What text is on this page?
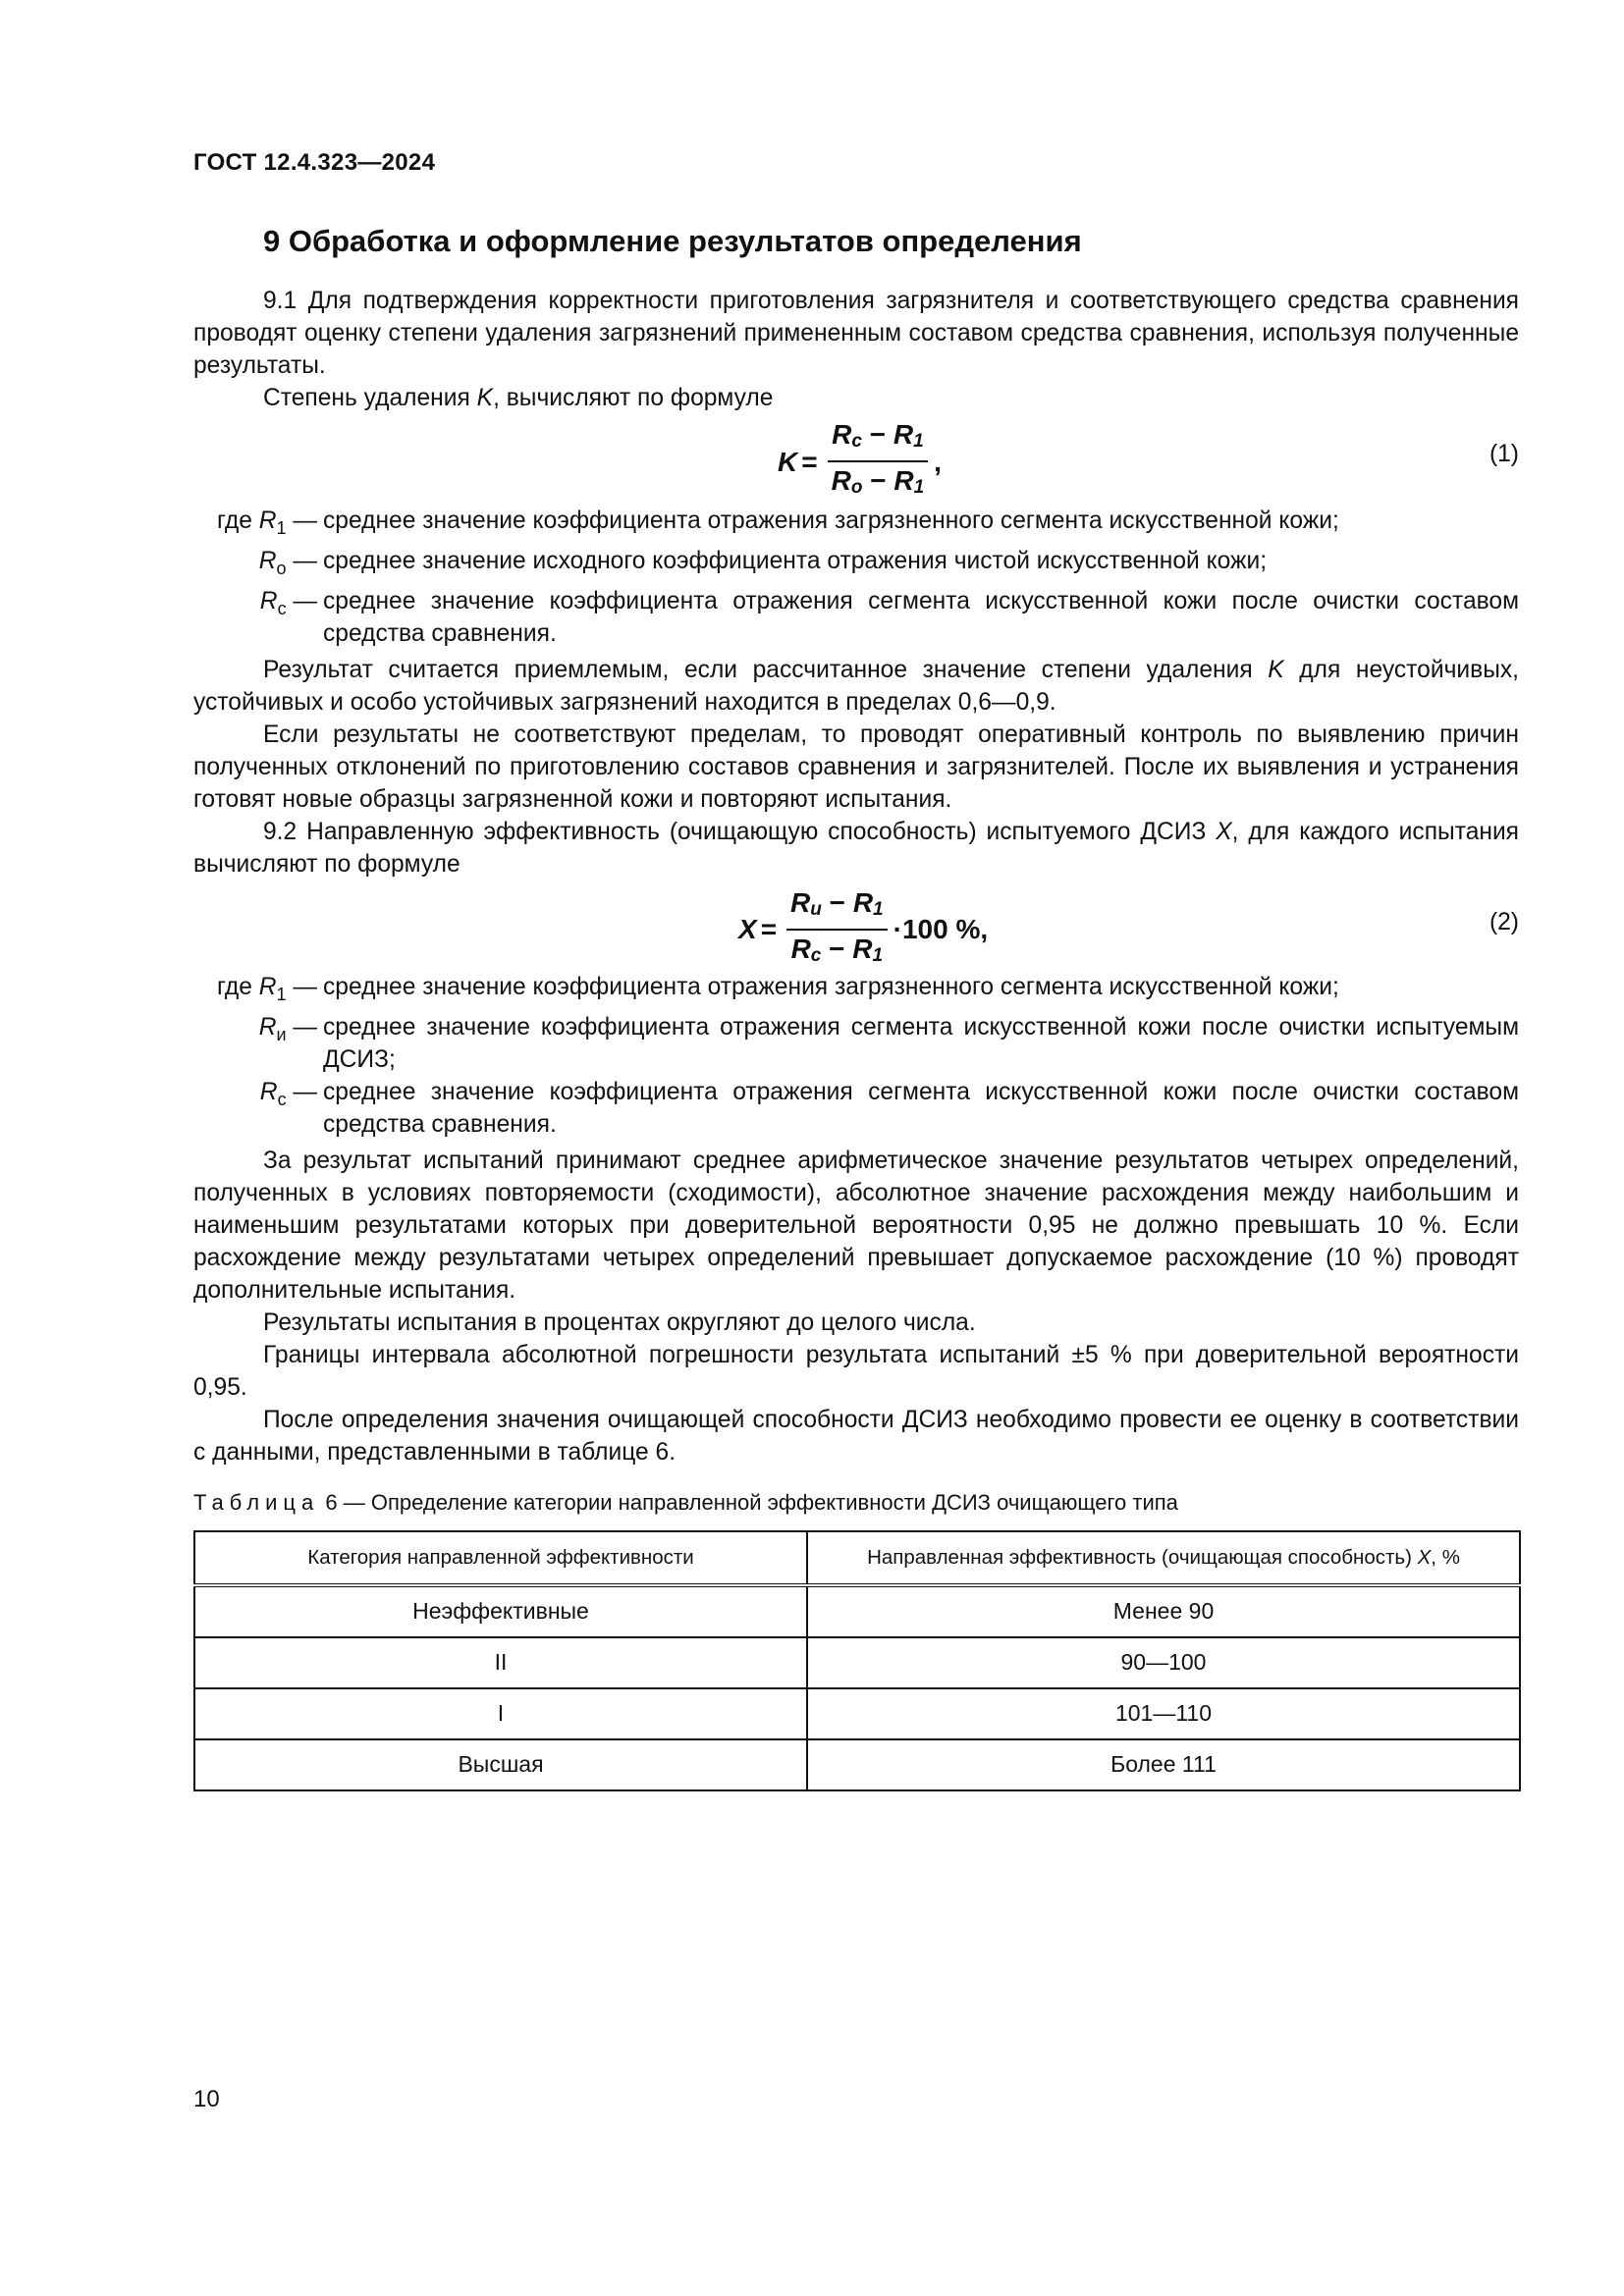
ГОСТ 12.4.323—2024
9 Обработка и оформление результатов определения

9.1 Для подтверждения корректности приготовления загрязнителя и соответствующего средства сравнения проводят оценку степени удаления загрязнений примененным составом средства сравнения, используя полученные результаты.

Степень удаления K, вычисляют по формуле

$K = \frac{R_с - R_1}{R_о - R_1}$ ,	(1)
где $R_1$ — среднее значение коэффициента отражения загрязненного сегмента искусственной кожи;
$R_о$ — среднее значение исходного коэффициента отражения чистой искусственной кожи;
$R_с$ — среднее значение коэффициента отражения сегмента искусственной кожи после очистки составом средства сравнения.

Результат считается приемлемым, если рассчитанное значение степени удаления K для неустойчивых, устойчивых и особо устойчивых загрязнений находится в пределах 0,6—0,9.

Если результаты не соответствуют пределам, то проводят оперативный контроль по выявлению причин полученных отклонений по приготовлению составов сравнения и загрязнителей. После их выявления и устранения готовят новые образцы загрязненной кожи и повторяют испытания.

9.2 Направленную эффективность (очищающую способность) испытуемого ДСИЗ X, для каждого испытания вычисляют по формуле

$X = \frac{R_и - R_1}{R_с - R_1} \cdot 100$ %,	(2)
где $R_1$ — среднее значение коэффициента отражения загрязненного сегмента искусственной кожи;
$R_и$ — среднее значение коэффициента отражения сегмента искусственной кожи после очистки испытуемым ДСИЗ;
$R_с$ — среднее значение коэффициента отражения сегмента искусственной кожи после очистки составом средства сравнения.

За результат испытаний принимают среднее арифметическое значение результатов четырех определений, полученных в условиях повторяемости (сходимости), абсолютное значение расхождения между наибольшим и наименьшим результатами которых при доверительной вероятности 0,95 не должно превышать 10 %. Если расхождение между результатами четырех определений превышает допускаемое расхождение (10 %) проводят дополнительные испытания.

Результаты испытания в процентах округляют до целого числа.

Границы интервала абсолютной погрешности результата испытаний ±5 % при доверительной вероятности 0,95.

После определения значения очищающей способности ДСИЗ необходимо провести ее оценку в соответствии с данными, представленными в таблице 6.

Таблица 6 — Определение категории направленной эффективности ДСИЗ очищающего типа
Категория направленной эффективности	Направленная эффективность (очищающая способность) X, %
Неэффективные	Менее 90
II	90—100
I	101—110
Высшая	Более 111
10
